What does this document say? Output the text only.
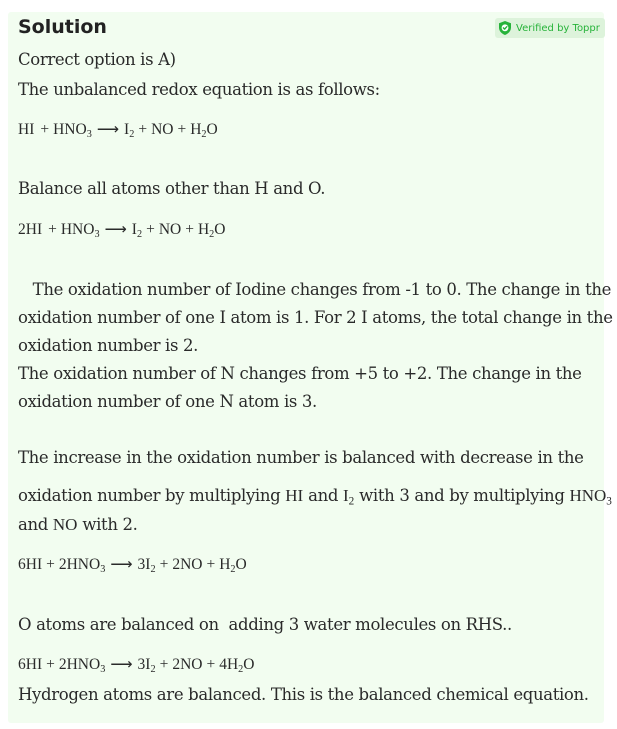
Solution	Verified by Toppr
Correct option is A)
The unbalanced redox equation is as follows:
HI + $HNO_3$ ⟶ $I_2$ + NO + $H_2O$
Balance all atoms other than H and O.
$2HI + HNO_3$ ⟶ $I_2$ + NO + $H_2O$
The oxidation number of Iodine changes from -1 to 0. The change in the
oxidation number of one I atom is 1. For 2 I atoms, the total change in the
oxidation number is 2.
The oxidation number of N changes from +5 to +2. The change in the
oxidation number of one N atom is 3.
The increase in the oxidation number is balanced with decrease in the
oxidation number by multiplying HI and $I_2$ with 3 and by multiplying $HNO_3$
and NO with 2.
$6HI + 2HNO_3$ ⟶ $3I_2 + 2NO + H_2O$
O atoms are balanced on  adding 3 water molecules on RHS..
$6HI + 2HNO_3$ ⟶ $3I_2 + 2NO + 4H_2O$
Hydrogen atoms are balanced. This is the balanced chemical equation.
